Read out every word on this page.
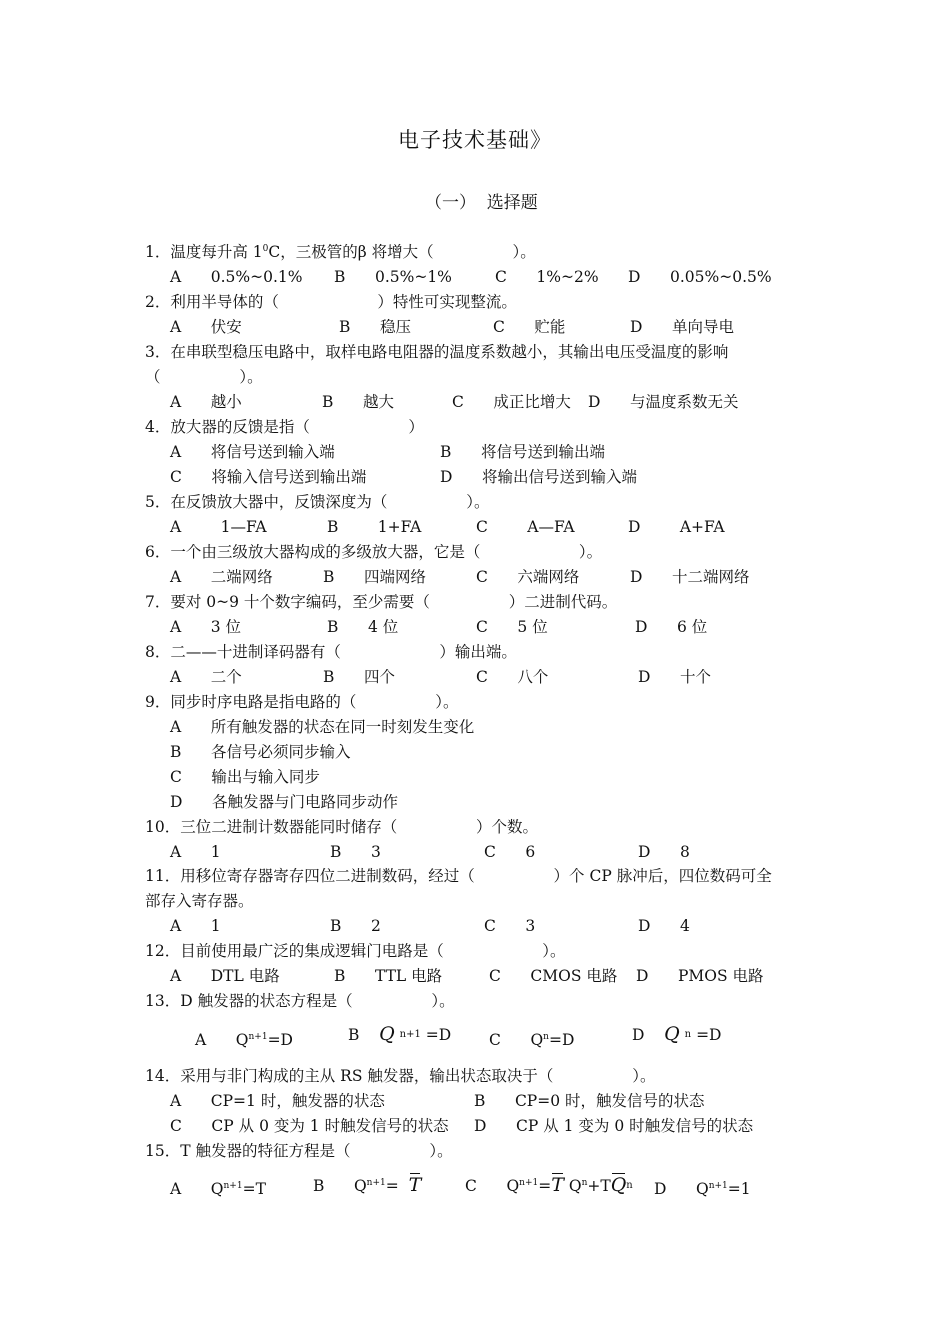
电子技术基础》
（一）  选择题
1．温度每升高 $1^0C$，三极管的β 将增大（                ）。
A      0.5%~0.1% B      0.5%~1%	C      1%~2% D      0.05%~0.5%
2．利用半导体的（                    ）特性可实现整流。
A      伏安	B      稳压	C      贮能	D      单向导电
3．在串联型稳压电路中，取样电路电阻器的温度系数越小，其输出电压受温度的影响
（                ）。
A      越小	B      越大	C      成正比增大 D      与温度系数无关
4．放大器的反馈是指（                    ）
A      将信号送到输入端	B      将信号送到输出端
C      将输入信号送到输出端	D      将输出信号送到输入端
5．在反馈放大器中，反馈深度为（                ）。
A        1—FA	B        1+FA	C        A—FA	D        A+FA
6．一个由三级放大器构成的多级放大器，它是（                    ）。
A      二端网络	B      四端网络	C      六端网络	D      十二端网络
7．要对 0~9 十个数字编码，至少需要（                ）二进制代码。
A      3 位	B      4 位	C      5 位	D      6 位
8．二——十进制译码器有（                    ）输出端。
A      二个	B      四个	C      八个	D      十个
9．同步时序电路是指电路的（                ）。
A      所有触发器的状态在同一时刻发生变化
B      各信号必须同步输入
C      输出与输入同步
D      各触发器与门电路同步动作
10．三位二进制计数器能同时储存（                ）个数。
A      1	B      3	C      6	D      8
11．用移位寄存器寄存四位二进制数码，经过（                ）个 CP 脉冲后，四位数码可全
部存入寄存器。
A      1	B      2	C      3	D      4
12．目前使用最广泛的集成逻辑门电路是（                    ）。
A      DTL 电路	B      TTL 电路	C      CMOS 电路 D      PMOS 电路
13．D 触发器的状态方程是（                ）。
A $Q^{n+1}=D$	B Q n+1 =D C $Q^n=D$	D Q n =D
14．采用与非门构成的主从 RS 触发器，输出状态取决于（                ）。
A      CP=1 时，触发器的状态	B      CP=0 时，触发信号的状态
C      CP 从 0 变为 1 时触发信号的状态 D      CP 从 1 变为 0 时触发信号的状态
15．T 触发器的特征方程是（                ）。
A $Q^{n+1}=T$	B $Q^{n+1}= T$	C $Q^{n+1}=T$ $Q^n+TQn$ D $Q^{n+1}=1$
